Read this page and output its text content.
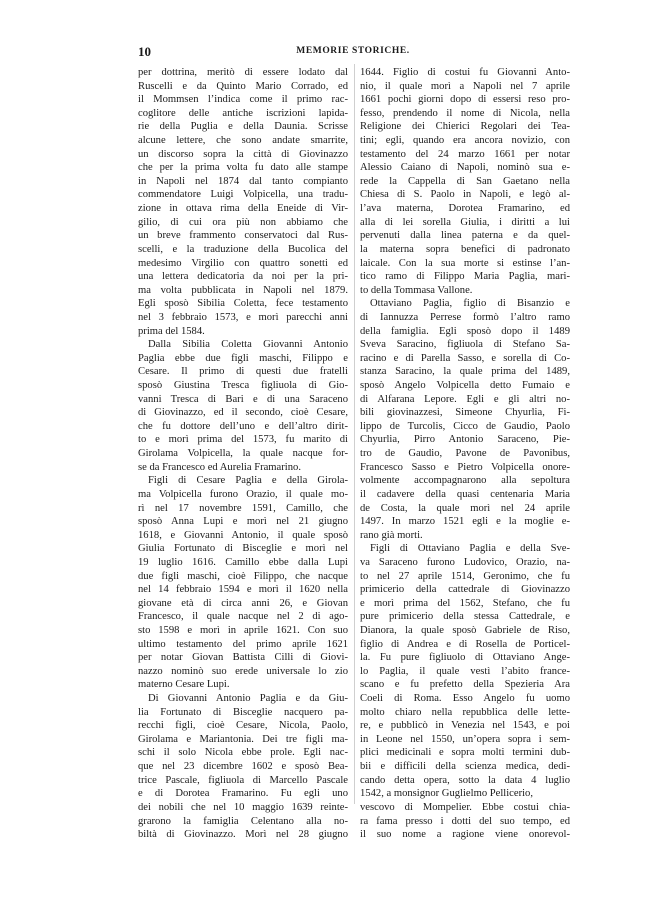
10	MEMORIE STORICHE.
per dottrina, meritò di essere lodato dal
Ruscelli e da Quinto Mario Corrado, ed
il Mommsen l’indica come il primo rac-
coglitore delle antiche iscrizioni lapida-
rie della Puglia e della Daunia. Scrisse
alcune lettere, che sono andate smarrite,
un discorso sopra la città di Giovinazzo
che per la prima volta fu dato alle stampe
in Napoli nel 1874 dal tanto compianto
commendatore Luigi Volpicella, una tradu-
zione in ottava rima della Eneide di Vir-
gilio, di cui ora più non abbiamo che
un breve frammento conservatoci dal Rus-
scelli, e la traduzione della Bucolica del
medesimo Virgilio con quattro sonetti ed
una lettera dedicatoria da noi per la pri-
ma volta pubblicata in Napoli nel 1879.
Egli sposò Sibilia Coletta, fece testamento
nel 3 febbraio 1573, e morì parecchi anni
prima del 1584.
Dalla Sibilia Coletta Giovanni Antonio
Paglia ebbe due figli maschi, Filippo e
Cesare. Il primo di questi due fratelli
sposò Giustina Tresca figliuola di Gio-
vanni Tresca di Bari e di una Saraceno
di Giovinazzo, ed il secondo, cioè Cesare,
che fu dottore dell’uno e dell’altro dirit-
to e morì prima del 1573, fu marito di
Girolama Volpicella, la quale nacque for-
se da Francesco ed Aurelia Framarino.
Figli di Cesare Paglia e della Girola-
ma Volpicella furono Orazio, il quale mo-
rì nel 17 novembre 1591, Camillo, che
sposò Anna Lupi e morì nel 21 giugno
1618, e Giovanni Antonio, il quale sposò
Giulia Fortunato di Bisceglie e morì nel
19 luglio 1616. Camillo ebbe dalla Lupi
due figli maschi, cioè Filippo, che nacque
nel 14 febbraio 1594 e morì il 1620 nella
giovane età di circa anni 26, e Giovan
Francesco, il quale nacque nel 2 di ago-
sto 1598 e morì in aprile 1621. Con suo
ultimo testamento del primo aprile 1621
per notar Giovan Battista Cilli di Giovi-
nazzo nominò suo erede universale lo zio
materno Cesare Lupi.
Di Giovanni Antonio Paglia e da Giu-
lia Fortunato di Bisceglie nacquero pa-
recchi figli, cioè Cesare, Nicola, Paolo,
Girolama e Mariantonia. Dei tre figli ma-
schi il solo Nicola ebbe prole. Egli nac-
que nel 23 dicembre 1602 e sposò Bea-
trice Pascale, figliuola di Marcello Pascale
e di Dorotea Framarino. Fu egli uno
dei nobili che nel 10 maggio 1639 reinte-
grarono la famiglia Celentano alla no-
biltà di Giovinazzo. Morì nel 28 giugno
1644. Figlio di costui fu Giovanni Anto-
nio, il quale morì a Napoli nel 7 aprile
1661 pochi giorni dopo di essersi reso pro-
fesso, prendendo il nome di Nicola, nella
Religione dei Chierici Regolari dei Tea-
tini; egli, quando era ancora novizio, con
testamento del 24 marzo 1661 per notar
Alessio Caiano di Napoli, nominò sua e-
rede la Cappella di San Gaetano nella
Chiesa di S. Paolo in Napoli, e legò al-
l’ava materna, Dorotea Framarino, ed
alla di lei sorella Giulia, i diritti a lui
pervenuti dalla linea paterna e da quel-
la materna sopra benefici di padronato
laicale. Con la sua morte si estinse l’an-
tico ramo di Filippo Maria Paglia, mari-
to della Tommasa Vallone.
Ottaviano Paglia, figlio di Bisanzio e
di Iannuzza Perrese formò l’altro ramo
della famiglia. Egli sposò dopo il 1489
Sveva Saracino, figliuola di Stefano Sa-
racino e di Parella Sasso, e sorella di Co-
stanza Saracino, la quale prima del 1489,
sposò Angelo Volpicella detto Fumaio e
di Alfarana Lepore. Egli e gli altri no-
bili giovinazzesi, Simeone Chyurlia, Fi-
lippo de Turcolis, Cicco de Gaudio, Paolo
Chyurlia, Pirro Antonio Saraceno, Pie-
tro de Gaudio, Pavone de Pavonibus,
Francesco Sasso e Pietro Volpicella onore-
volmente accompagnarono alla sepoltura
il cadavere della quasi centenaria Maria
de Costa, la quale morì nel 24 aprile
1497. In marzo 1521 egli e la moglie e-
rano già morti.
Figli di Ottaviano Paglia e della Sve-
va Saraceno furono Ludovico, Orazio, na-
to nel 27 aprile 1514, Geronimo, che fu
primicerio della cattedrale di Giovinazzo
e morì prima del 1562, Stefano, che fu
pure primicerio della stessa Cattedrale, e
Dianora, la quale sposò Gabriele de Riso,
figlio di Andrea e di Rosella de Porticel-
la. Fu pure figliuolo di Ottaviano Ange-
lo Paglia, il quale vestì l’abito france-
scano e fu prefetto della Spezieria Ara
Coeli di Roma. Esso Angelo fu uomo
molto chiaro nella repubblica delle lette-
re, e pubblicò in Venezia nel 1543, e poi
in Leone nel 1550, un’opera sopra i sem-
plici medicinali e sopra molti termini dub-
bii e difficili della scienza medica, dedi-
cando detta opera, sotto la data 4 luglio
1542, a monsignor Guglielmo Pellicerio,
vescovo di Mompelier. Ebbe costui chia-
ra fama presso i dotti del suo tempo, ed
il suo nome a ragione viene onorevol-
